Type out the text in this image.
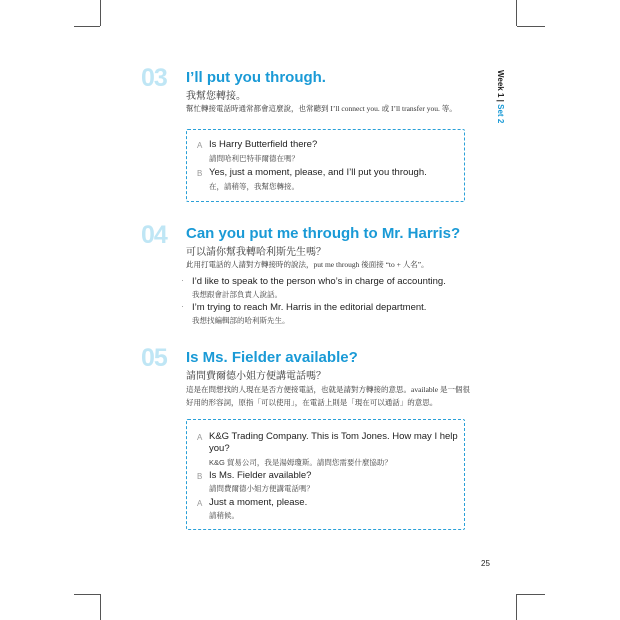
Week 1 | Set 2
03	I’ll put you through.
我幫您轉接。
幫忙轉接電話時通常都會這麼說，也常聽到 I’ll connect you. 或 I’ll transfer you. 等。
A Is Harry Butterfield there?
請問哈利巴特菲爾德在嗎？
B Yes, just a moment, please, and I’ll put you through.
在，請稍等，我幫您轉接。
04	Can you put me through to Mr. Harris?
可以請你幫我轉哈利斯先生嗎？
此用打電話的人請對方轉接時的說法，put me through 後面接 “to + 人名”。
· I’d like to speak to the person who’s in charge of accounting.
我想跟會計部負責人說話。
· I’m trying to reach Mr. Harris in the editorial department.
我想找編輯部的哈利斯先生。
05	Is Ms. Fielder available?
請問費爾德小姐方便講電話嗎？
這是在問想找的人現在是否方便接電話，也就是請對方轉接的意思。available 是一個很
好用的形容詞，原指「可以使用」，在電話上則是「現在可以通話」的意思。
A K&G Trading Company. This is Tom Jones. How may I help
you?
K&G 貿易公司，我是湯姆瓊斯。請問您需要什麼協助？
B Is Ms. Fielder available?
請問費爾德小姐方便講電話嗎？
A Just a moment, please.
請稍候。
25
